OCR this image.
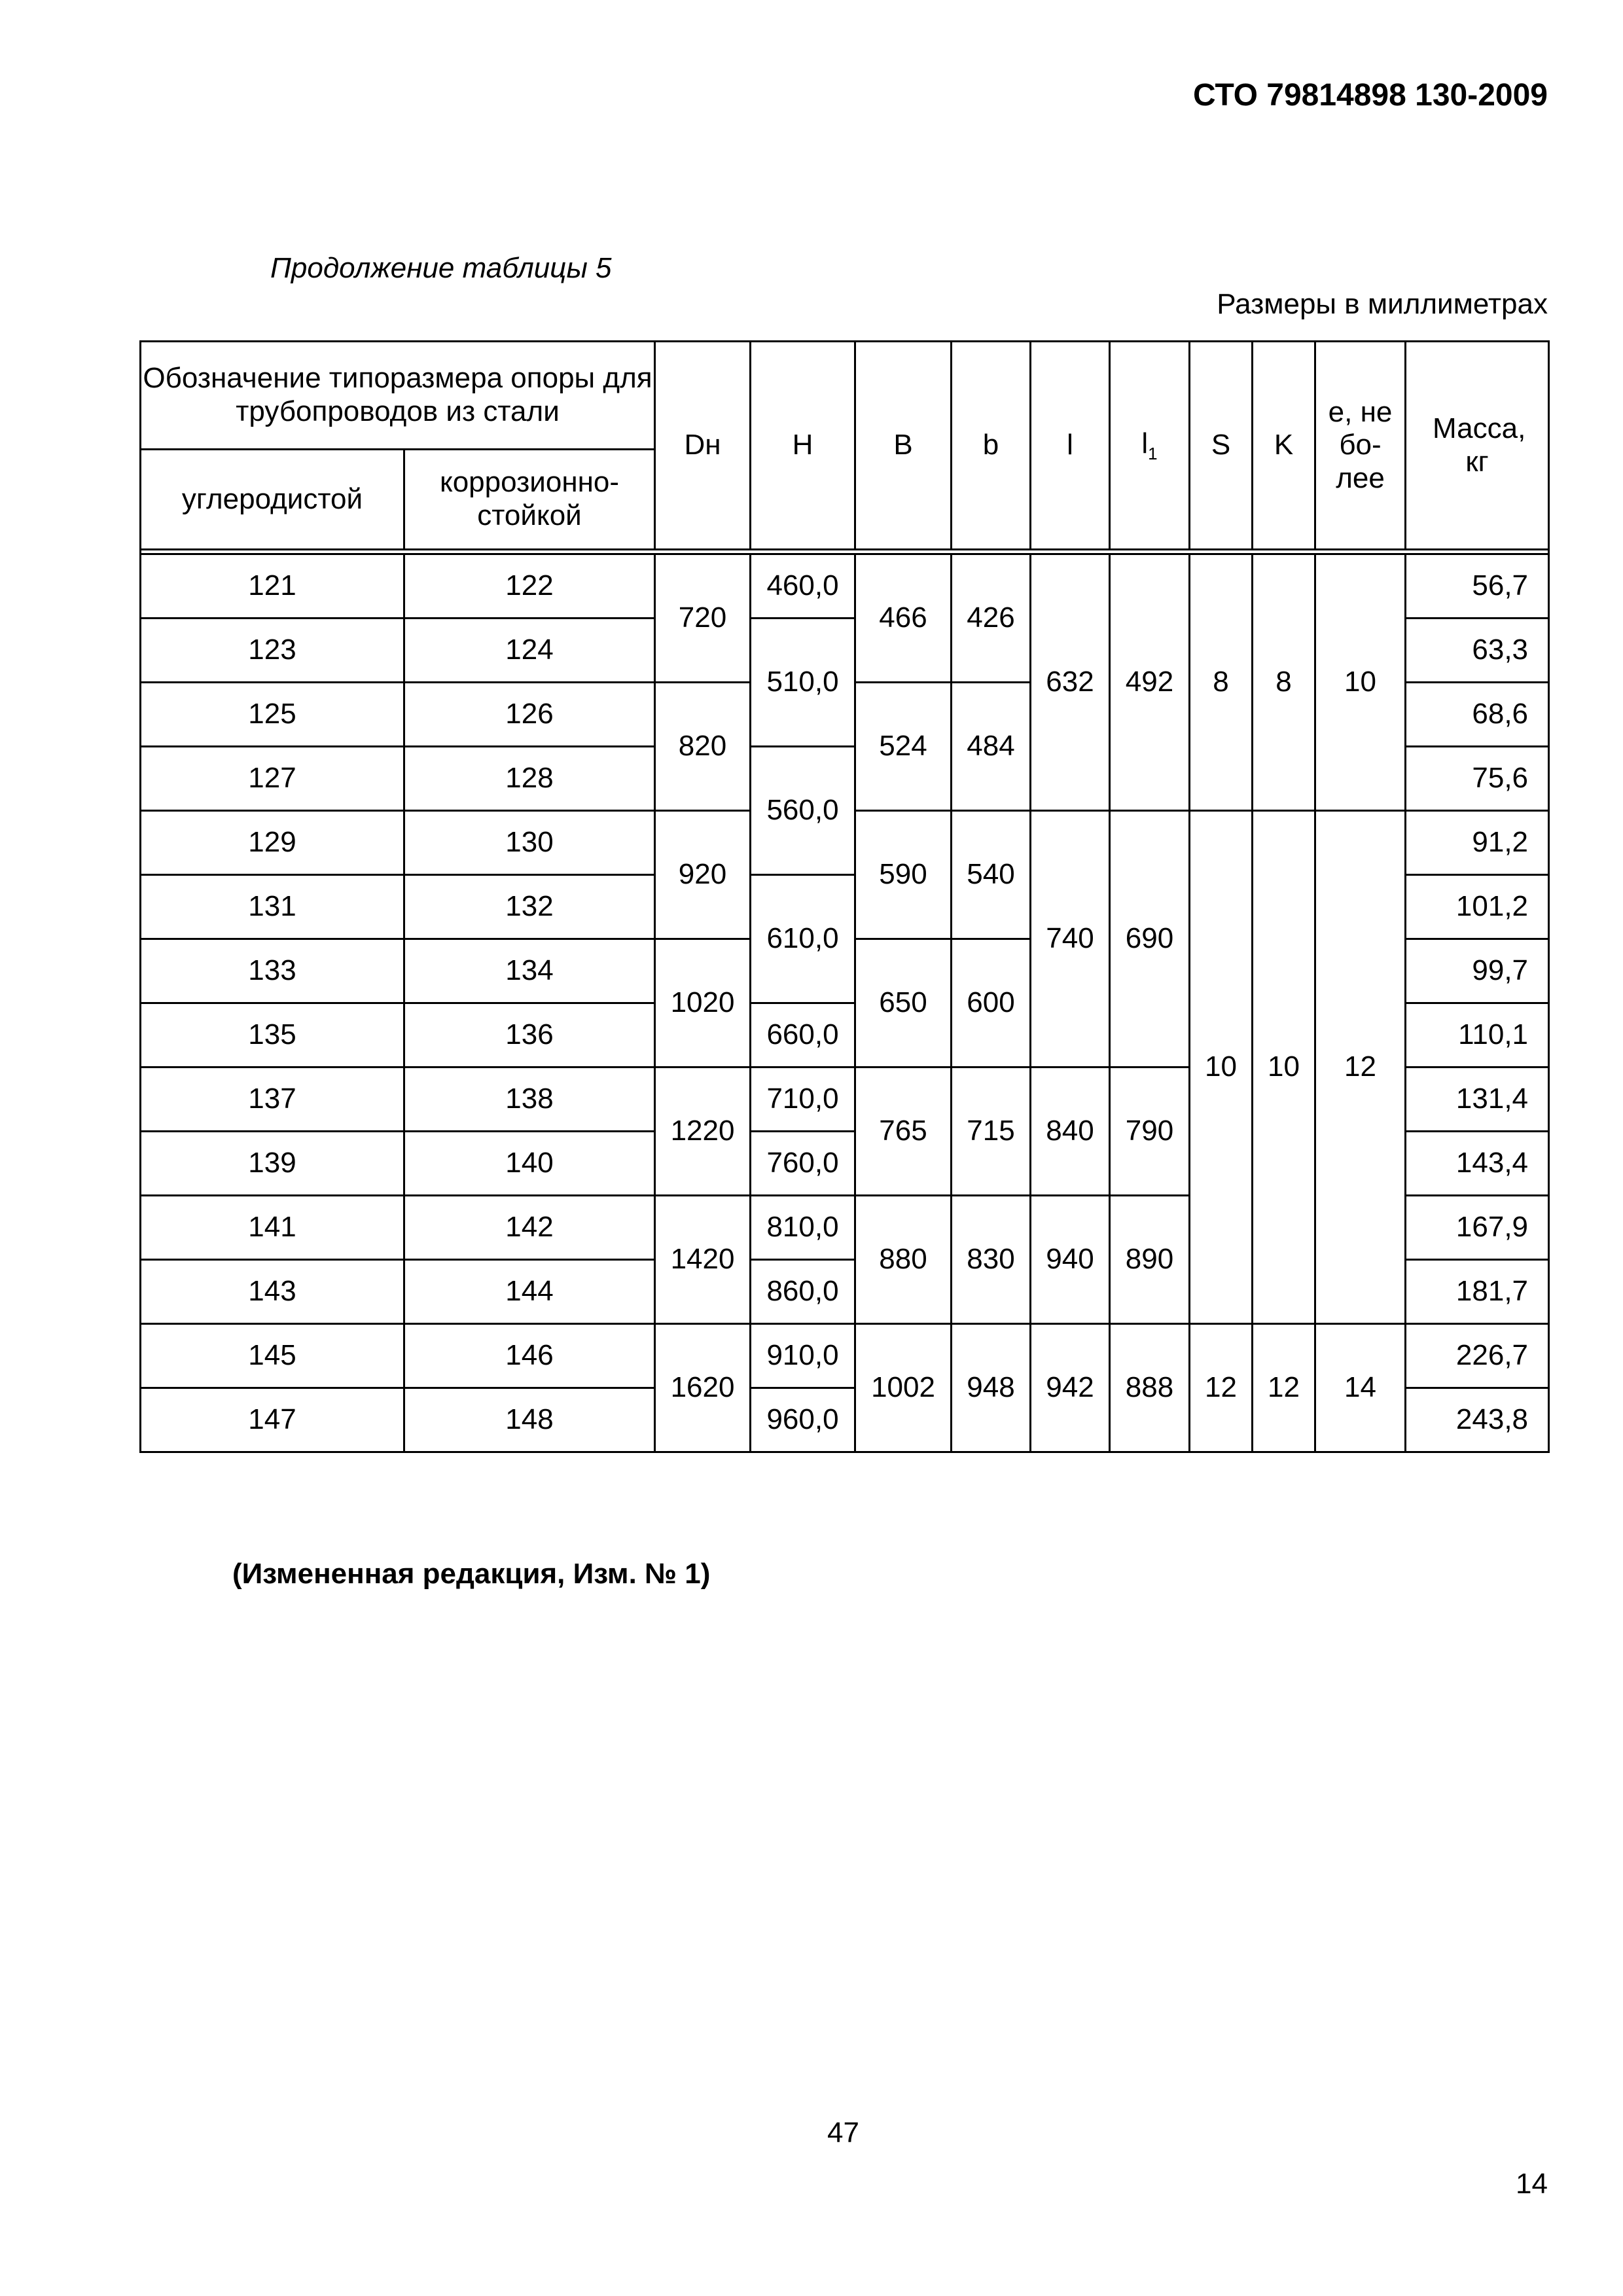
СТО 79814898 130-2009
Продолжение таблицы 5
Размеры в миллиметрах
Обозначение типоразмера опоры для трубопроводов из стали		Dн	H	B	b	l	$l_1$	S	K	е, не бо-лее	Масса, кг
углеродистой	коррозионно-стойкой										

121	122	720	460,0	466	426	632	492	8	8	10	56,7
123	124		510,0								63,3
125	126	820		524	484						68,6
127	128		560,0								75,6
129	130	920		590	540	740	690	10	10	12	91,2
131	132		610,0								101,2
133	134	1020		650	600						99,7
135	136		660,0								110,1
137	138	1220	710,0	765	715	840	790				131,4
139	140		760,0								143,4
141	142	1420	810,0	880	830	940	890				167,9
143	144		860,0								181,7
145	146	1620	910,0	1002	948	942	888	12	12	14	226,7
147	148		960,0								243,8
(Измененная редакция, Изм. № 1)
47
14
